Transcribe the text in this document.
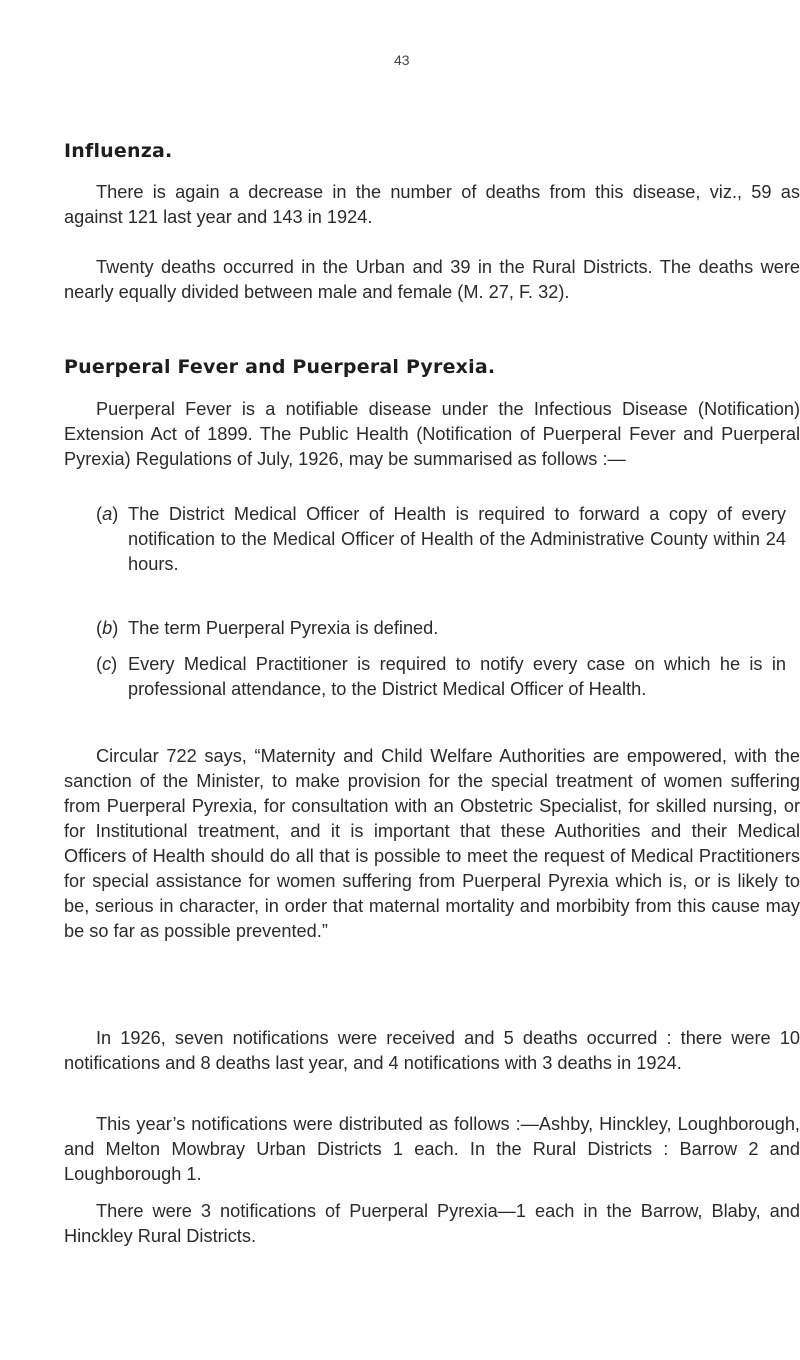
43
Influenza.

There is again a decrease in the number of deaths from this disease, viz., 59 as against 121 last year and 143 in 1924.

Twenty deaths occurred in the Urban and 39 in the Rural Districts. The deaths were nearly equally divided between male and female (M. 27, F. 32).

Puerperal Fever and Puerperal Pyrexia.

Puerperal Fever is a notifiable disease under the Infectious Disease (Notification) Extension Act of 1899. The Public Health (Notification of Puerperal Fever and Puerperal Pyrexia) Regulations of July, 1926, may be summarised as follows :—

(a) The District Medical Officer of Health is required to forward a copy of every notification to the Medical Officer of Health of the Administrative County within 24 hours.
(b) The term Puerperal Pyrexia is defined.
(c) Every Medical Practitioner is required to notify every case on which he is in professional attendance, to the District Medical Officer of Health.

Circular 722 says, “Maternity and Child Welfare Authorities are empowered, with the sanction of the Minister, to make provision for the special treatment of women suffering from Puerperal Pyrexia, for consultation with an Obstetric Specialist, for skilled nursing, or for Institutional treatment, and it is important that these Authorities and their Medical Officers of Health should do all that is possible to meet the request of Medical Practitioners for special assistance for women suffering from Puerperal Pyrexia which is, or is likely to be, serious in character, in order that maternal mortality and morbibity from this cause may be so far as possible prevented.”

In 1926, seven notifications were received and 5 deaths occurred : there were 10 notifications and 8 deaths last year, and 4 notifications with 3 deaths in 1924.

This year’s notifications were distributed as follows :—Ashby, Hinckley, Loughborough, and Melton Mowbray Urban Districts 1 each. In the Rural Districts : Barrow 2 and Loughborough 1.

There were 3 notifications of Puerperal Pyrexia—1 each in the Barrow, Blaby, and Hinckley Rural Districts.
